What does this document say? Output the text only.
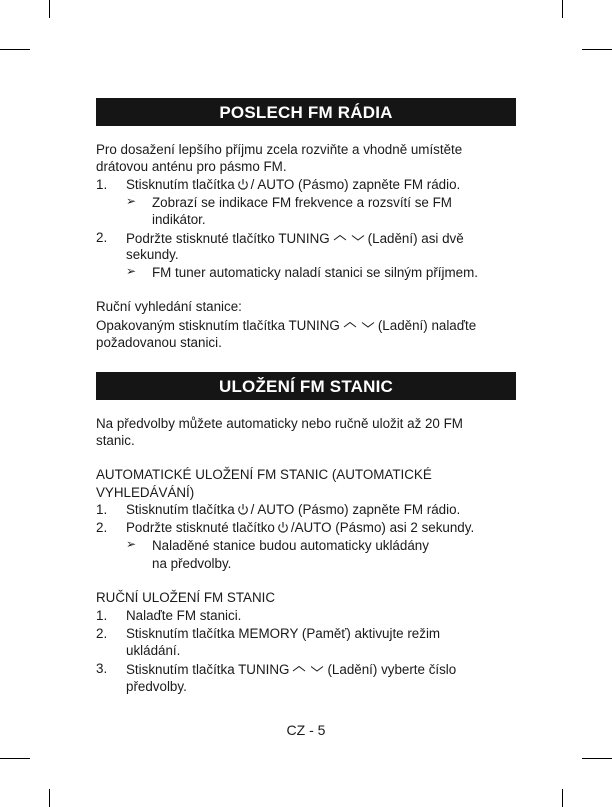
POSLECH FM RÁDIA
Pro dosažení lepšího příjmu zcela rozviňte a vhodně umístěte
drátovou anténu pro pásmo FM.
1. Stisknutím tlačítka / AUTO (Pásmo) zapněte FM rádio.
➢ Zobrazí se indikace FM frekvence a rozsvítí se FM
indikátor.
2. Podržte stisknuté tlačítko TUNING	(Ladění) asi dvě
sekundy.
➢ FM tuner automaticky naladí stanici se silným příjmem.
Ruční vyhledání stanice:
Opakovaným stisknutím tlačítka TUNING	(Ladění) nalaďte
požadovanou stanici.
ULOŽENÍ FM STANIC
Na předvolby můžete automaticky nebo ručně uložit až 20 FM
stanic.
AUTOMATICKÉ ULOŽENÍ FM STANIC (AUTOMATICKÉ
VYHLEDÁVÁNÍ)
1. Stisknutím tlačítka / AUTO (Pásmo) zapněte FM rádio.
2. Podržte stisknuté tlačítko /AUTO (Pásmo) asi 2 sekundy.
➢ Naladěné stanice budou automaticky ukládány
na předvolby.
RUČNÍ ULOŽENÍ FM STANIC
1. Nalaďte FM stanici.
2. Stisknutím tlačítka MEMORY (Paměť) aktivujte režim
ukládání.
3. Stisknutím tlačítka TUNING	(Ladění) vyberte číslo
předvolby.
CZ - 5
